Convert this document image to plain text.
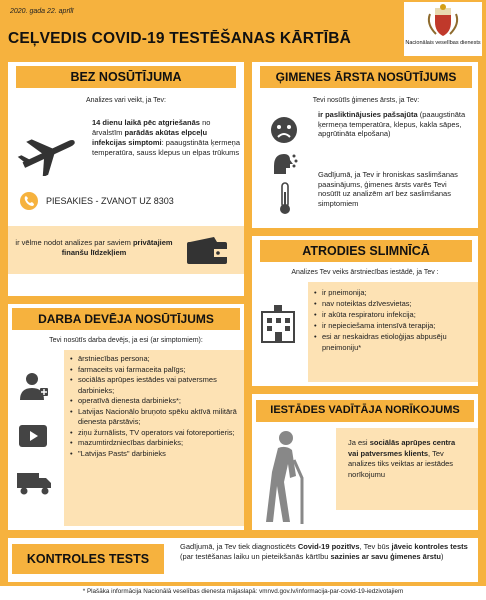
2020. gada 22. aprīlī
CEĻVEDIS COVID-19 TESTĒŠANAS KĀRTĪBĀ	Nacionālais veselības dienests
BEZ NOSŪTĪJUMA
Analizes vari veikt, ja Tev:
14 dienu laikā pēc atgriešanās no ārvalstīm parādās akūtas elpceļu infekcijas simptomi: paaugstināta ķermeņa temperatūra, sauss klepus un elpas trūkums
PIESAKIES - ZVANOT UZ 8303
ir vēlme nodot analizes par saviem privātajiem finanšu līdzekļiem
ĢIMENES ĀRSTA NOSŪTĪJUMS
Tevi nosūtīs ģimenes ārsts, ja Tev:
ir pasliktinājusies pašsajūta (paaugstināta ķermeņa temperatūra, klepus, kakla sāpes, apgrūtināta elpošana)
Gadījumā, ja Tev ir hroniskas saslimšanas paasinājums, ģimenes ārsts varēs Tevi nosūtīt uz analizēm arī bez saslimšanas simptomiem
ATRODIES SLIMNĪCĀ
Analizes Tev veiks ārstniecības iestādē, ja Tev :
• ir pneimonija;
• nav noteiktas dzīvesvietas;
• ir akūta respiratoru infekcija;
• ir nepieciešama intensīvā terapija;
• esi ar neskaidras etioloģijas abpusēju pneimoniju*
DARBA DEVĒJA NOSŪTĪJUMS
Tevi nosūtīs darba devējs, ja esi (ar simptomiem):
• ārstniecības persona;
• farmaceits vai farmaceita palīgs;
• sociālās aprūpes iestādes vai patversmes darbinieks;
• operatīvā dienesta darbinieks*;
• Latvijas Nacionālo bruņoto spēku aktīvā militārā dienesta pārstāvis;
• ziņu žurnālists, TV operators vai fotoreportieris;
• mazumtirdzniecības darbinieks;
• "Latvijas Pasts" darbinieks
IESTĀDES VADĪTĀJA NORĪKOJUMS
Ja esi sociālās aprūpes centra vai patversmes klients, Tev analizes tiks veiktas ar iestādes norīkojumu
KONTROLES TESTS
Gadījumā, ja Tev tiek diagnosticēts Covid-19 pozitīvs, Tev būs jāveic kontroles tests (par testēšanas laiku un pieteikšanās kārtību sazinies ar savu ģimenes ārstu)
* Plašāka informācija Nacionālā veselības dienesta mājaslapā: vmnvd.gov.lv/informacija-par-covid-19-iedzivotajiem
